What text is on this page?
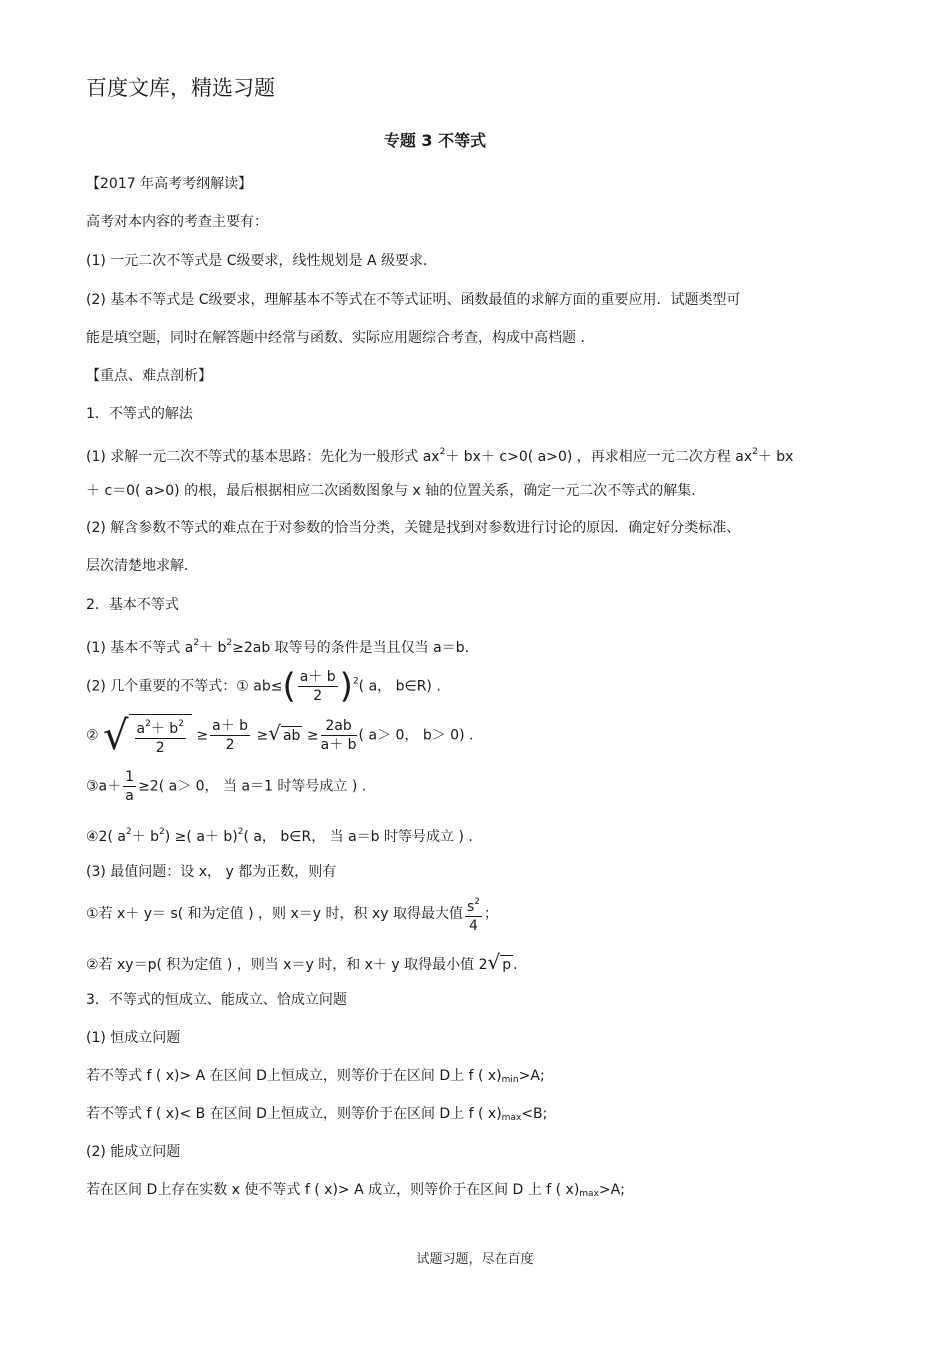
百度文库，精选习题
专题 3 不等式
【2017 年高考考纲解读】
高考对本内容的考查主要有：
(1) 一元二次不等式是 C级要求，线性规划是 A 级要求．
(2) 基本不等式是 C级要求，理解基本不等式在不等式证明、函数最值的求解方面的重要应用．试题类型可
能是填空题，同时在解答题中经常与函数、实际应用题综合考查，构成中高档题 ．
【重点、难点剖析】
1．不等式的解法
(1) 求解一元二次不等式的基本思路：先化为一般形式 $ax^2+ bx+ c>0$( a>0) ，再求相应一元二次方程 $ax^2+$ bx
＋ c＝0( a>0) 的根，最后根据相应二次函数图象与 x 轴的位置关系，确定一元二次不等式的解集．
(2) 解含参数不等式的难点在于对参数的恰当分类，关键是找到对参数进行讨论的原因．确定好分类标准、
层次清楚地求解．
2．基本不等式
(1) 基本不等式 $a^2+ b^2\ge 2ab$ 取等号的条件是当且仅当 a＝b.
(2) 几个重要的不等式：① $ab\le( \frac{a+ b}{2} )^2$( a， b∈R) .
② √ $\frac{a^2+ b^2}{2} \ge \frac{a+ b}{2}$ ≥√ ab ≥ $\frac{2ab}{a+ b}$ ( a＞ 0， b＞ 0) .
③a＋ $\frac{1}{a} \ge 2$( a＞ 0， 当 a＝1 时等号成立 ) .
④2( $a^2+ b^2$) ≥( a＋ b)$^2$( a， b∈R， 当 a＝b 时等号成立 ) .
(3) 最值问题：设 x， y 都为正数，则有
①若 x＋ y＝ s( 和为定值 ) ，则 x＝y 时，积 xy 取得最大值 $\frac{s^2}{4}$ ；
②若 xy＝p( 积为定值 ) ，则当 x＝y 时，和 x＋ y 取得最小值 2√ p .
3．不等式的恒成立、能成立、恰成立问题
(1) 恒成立问题
若不等式 f ( x)> A 在区间 D上恒成立，则等价于在区间 D上 f ( $x)_{min}>A$;
若不等式 f ( x)< B 在区间 D上恒成立，则等价于在区间 D上 f ( $x)_{max}<B$;
(2) 能成立问题
若在区间 D上存在实数 x 使不等式 f ( x)> A 成立，则等价于在区间 D 上 f ( $x)_{max}>A$;
试题习题，尽在百度
